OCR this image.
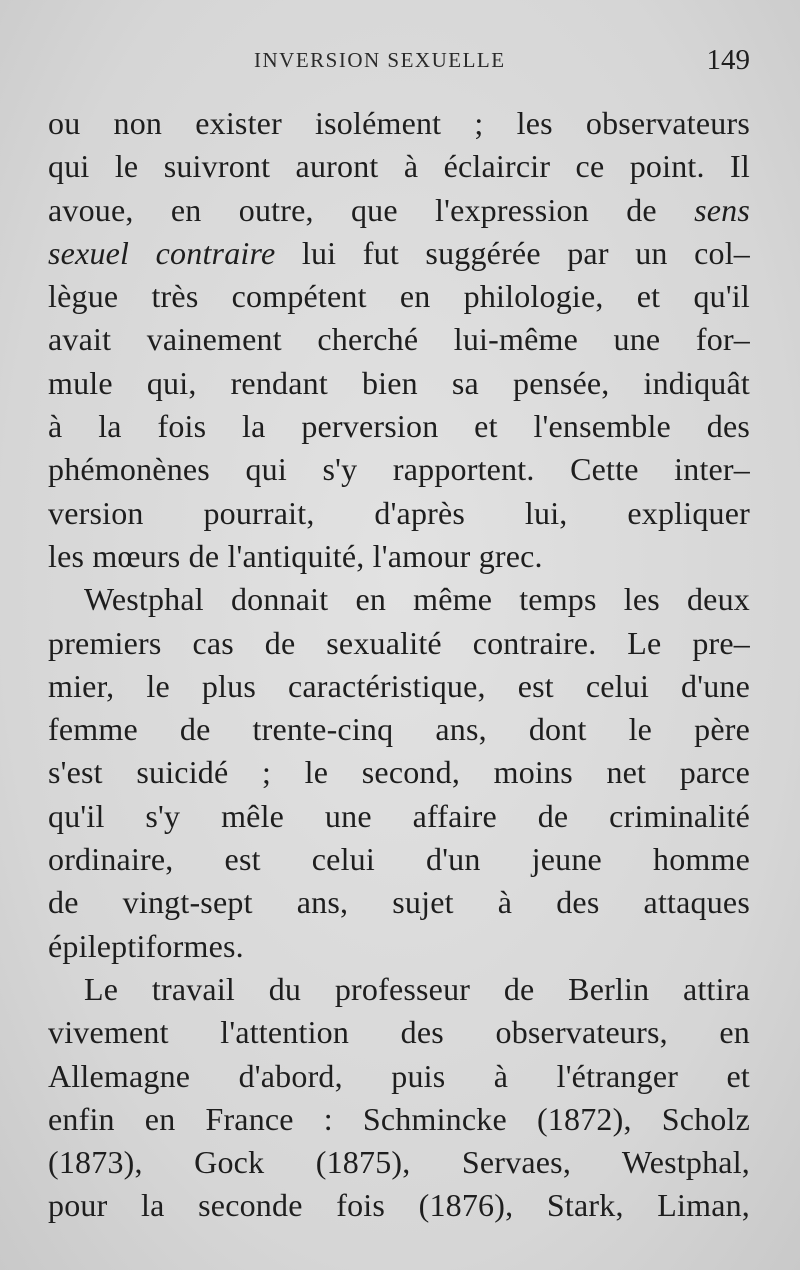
INVERSION SEXUELLE	149
ou non exister isolément ; les observateurs
qui le suivront auront à éclaircir ce point. Il
avoue, en outre, que l'expression de sens
sexuel contraire lui fut suggérée par un col–
lègue très compétent en philologie, et qu'il
avait vainement cherché lui-même une for–
mule qui, rendant bien sa pensée, indiquât
à la fois la perversion et l'ensemble des
phémonènes qui s'y rapportent. Cette inter–
version pourrait, d'après lui, expliquer
les mœurs de l'antiquité, l'amour grec.
Westphal donnait en même temps les deux
premiers cas de sexualité contraire. Le pre–
mier, le plus caractéristique, est celui d'une
femme de trente-cinq ans, dont le père
s'est suicidé ; le second, moins net parce
qu'il s'y mêle une affaire de criminalité
ordinaire, est celui d'un jeune homme
de vingt-sept ans, sujet à des attaques
épileptiformes.
Le travail du professeur de Berlin attira
vivement l'attention des observateurs, en
Allemagne d'abord, puis à l'étranger et
enfin en France : Schmincke (1872), Scholz
(1873), Gock (1875), Servaes, Westphal,
pour la seconde fois (1876), Stark, Liman,
